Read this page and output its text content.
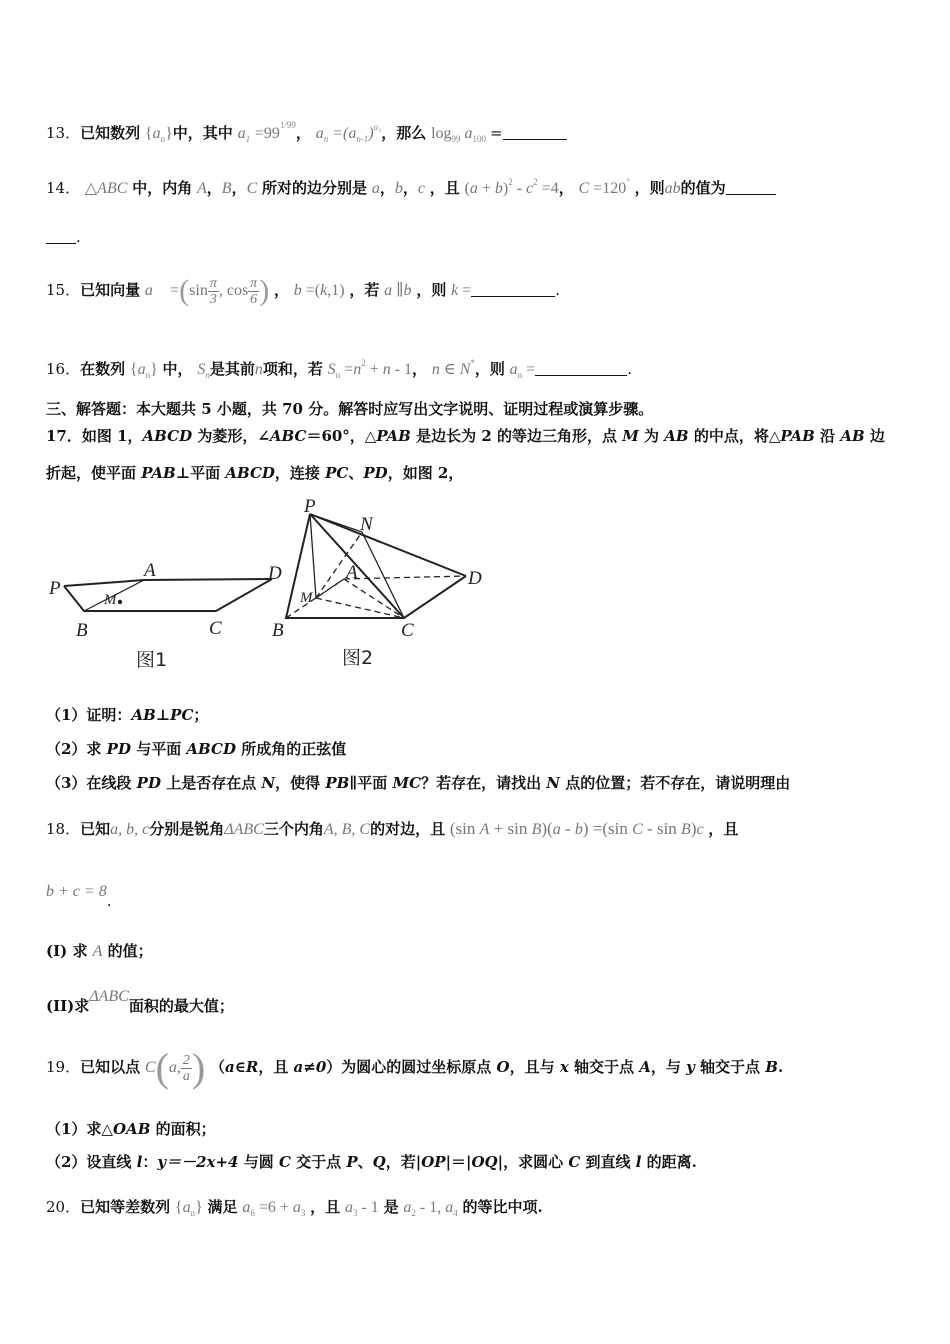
13．已知数列 $\{a_n\}$中，其中 $a_1 =99^{1/99}$， $a_n =(a_{n-1})^{a_1}$，那么 $\log_{99} a_{100}$ =
14． △ABC 中，内角 A，B，C 所对的边分别是 a，b，c ，且 $(a + b)^2 - c^2 =4$， C =120° ，则ab的值为
.
15．已知向量 a⃗ $=(\sin \frac{\pi}{3}$ , $\cos \frac{\pi}{6}$ ) ， b =(k,1) ，若 a ∥b ，则 k =	.
16．在数列 $\{a_n\}$ 中， $S_n$是其前n项和，若 $S_n =n^2 + n - 1$， n ∈ N*，则 $a_n$ =	.
三、解答题：本大题共 5 小题，共 70 分。解答时应写出文字说明、证明过程或演算步骤。
17．如图 1，ABCD 为菱形，∠ABC＝60°，△PAB 是边长为 2 的等边三角形，点 M 为 AB 的中点，将△PAB 沿 AB 边
折起，使平面 PAB⊥平面 ABCD，连接 PC、PD，如图 2，
P
A	D
M
B	C
图1
P
A	D
M
B	C
N
图2
（1）证明：AB⊥PC；
（2）求 PD 与平面 ABCD 所成角的正弦值
（3）在线段 PD 上是否存在点 N，使得 PB∥平面 MC？若存在，请找出 N 点的位置；若不存在，请说明理由
18．已知a, b, c分别是锐角ΔABC三个内角A, B, C的对边，且 (sin A + sin B)(a - b) =(sin C - sin B)c ，且
b + c = 8.
(I) 求 A 的值；
(II)求ΔABC面积的最大值；
19．已知以点 C(a, $\frac{2}{a}$ ) （a∈R，且 a≠0）为圆心的圆过坐标原点 O，且与 x 轴交于点 A，与 y 轴交于点 B.
（1）求△OAB 的面积；
（2）设直线 l：y＝－2x+4 与圆 C 交于点 P、Q，若|OP|＝|OQ|，求圆心 C 到直线 l 的距离.
20．已知等差数列 $\{a_n\}$ 满足 $a_6 =6 + a_3$ ，且 $a_3 - 1$ 是 $a_2 - 1$, $a_4$ 的等比中项.
